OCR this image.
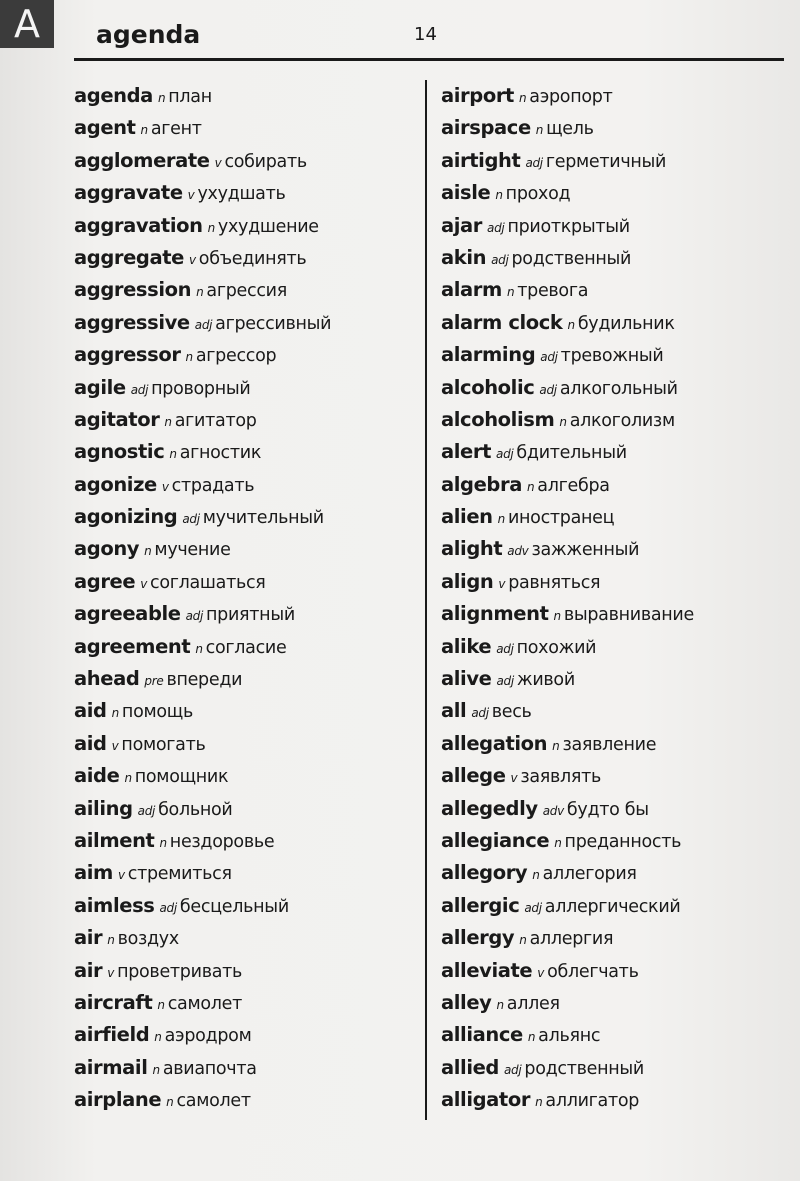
A	agenda	14
agenda n план
agent n агент
agglomerate v собирать
aggravate v ухудшать
aggravation n ухудшение
aggregate v объединять
aggression n агрессия
aggressive adj агрессивный
aggressor n агрессор
agile adj проворный
agitator n агитатор
agnostic n агностик
agonize v страдать
agonizing adj мучительный
agony n мучение
agree v соглашаться
agreeable adj приятный
agreement n согласие
ahead pre впереди
aid n помощь
aid v помогать
aide n помощник
ailing adj больной
ailment n нездоровье
aim v стремиться
aimless adj бесцельный
air n воздух
air v проветривать
aircraft n самолет
airfield n аэродром
airmail n авиапочта
airplane n самолет
airport n аэропорт
airspace n щель
airtight adj герметичный
aisle n проход
ajar adj приоткрытый
akin adj родственный
alarm n тревога
alarm clock n будильник
alarming adj тревожный
alcoholic adj алкогольный
alcoholism n алкоголизм
alert adj бдительный
algebra n алгебра
alien n иностранец
alight adv зажженный
align v равняться
alignment n выравнивание
alike adj похожий
alive adj живой
all adj весь
allegation n заявление
allege v заявлять
allegedly adv будто бы
allegiance n преданность
allegory n аллегория
allergic adj аллергический
allergy n аллергия
alleviate v облегчать
alley n аллея
alliance n альянс
allied adj родственный
alligator n аллигатор
